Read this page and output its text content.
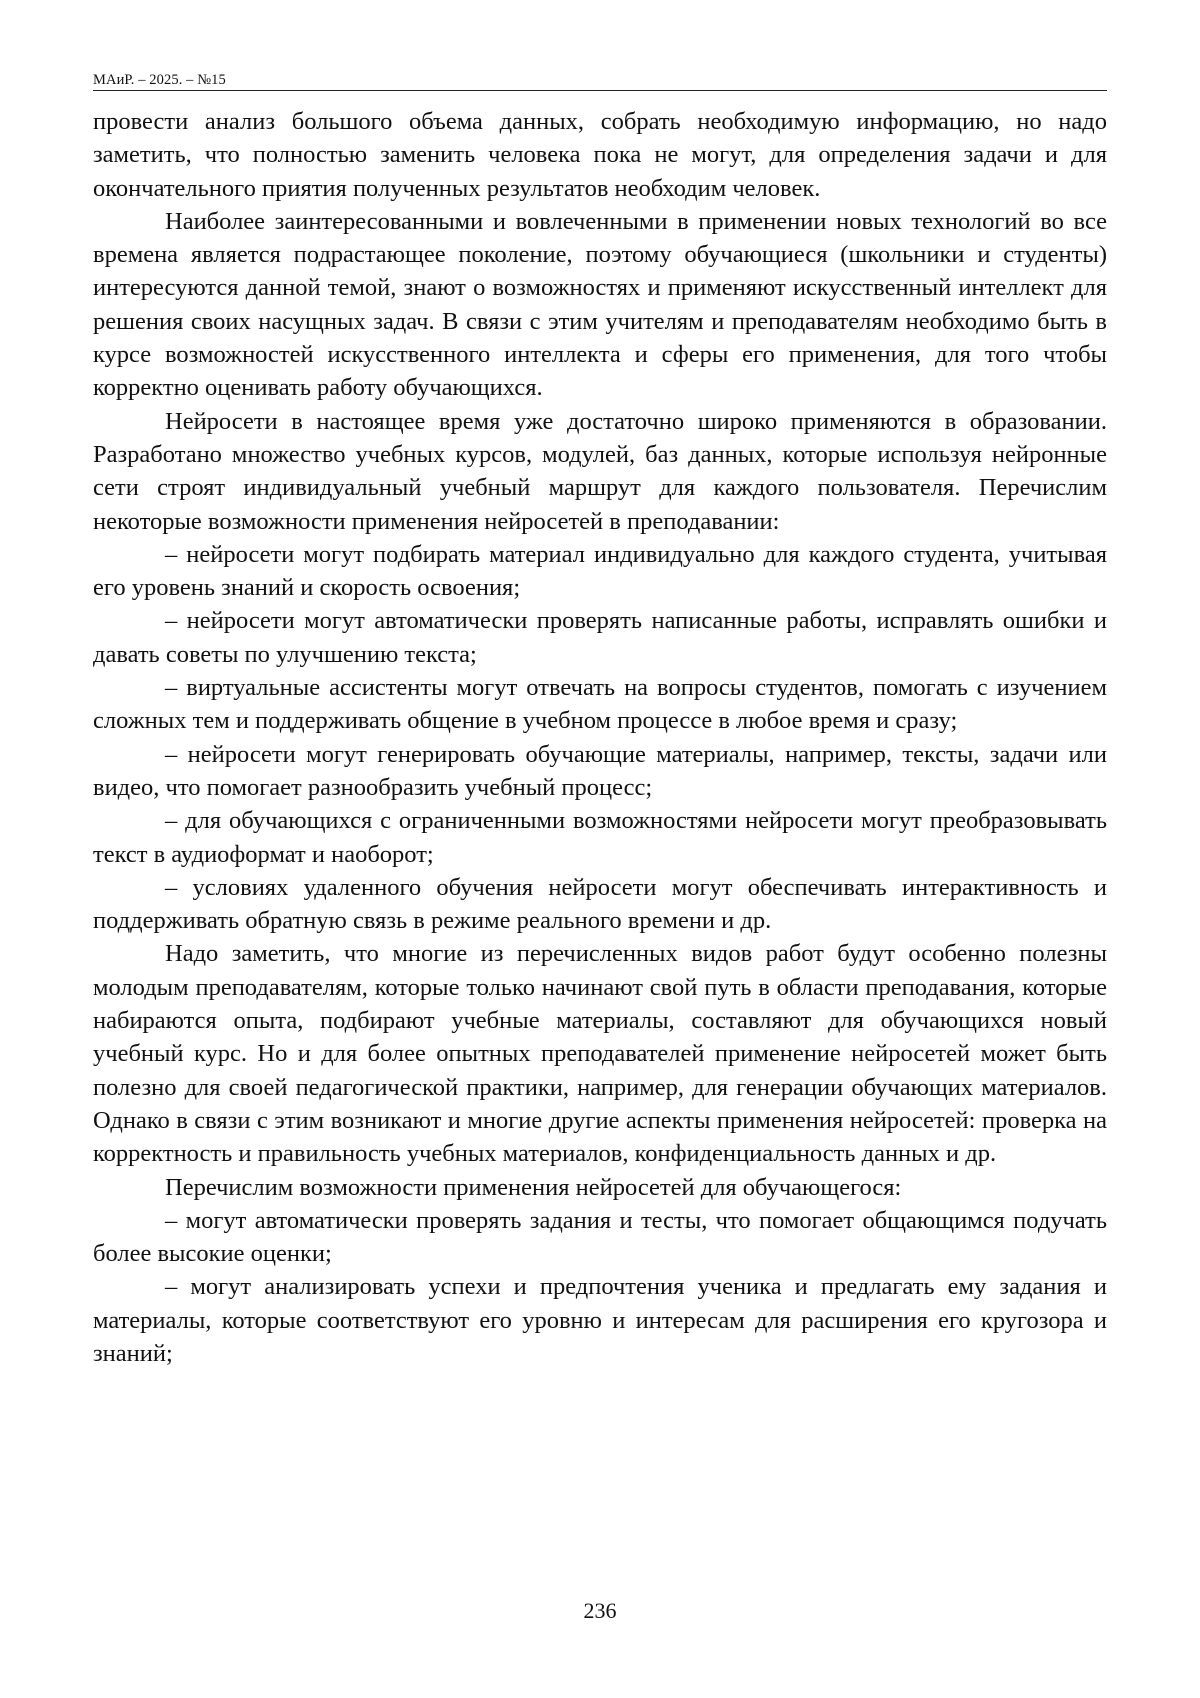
МАиР. – 2025. – №15

провести анализ большого объема данных, собрать необходимую информацию, но надо заметить, что полностью заменить человека пока не могут, для определения задачи и для окончательного приятия полученных результатов необходим человек.

Наиболее заинтересованными и вовлеченными в применении новых технологий во все времена является подрастающее поколение, поэтому обучающиеся (школьники и студенты) интересуются данной темой, знают о возможностях и применяют искусственный интеллект для решения своих насущных задач. В связи с этим учителям и преподавателям необходимо быть в курсе возможностей искусственного интеллекта и сферы его применения, для того чтобы корректно оценивать работу обучающихся.

Нейросети в настоящее время уже достаточно широко применяются в образовании. Разработано множество учебных курсов, модулей, баз данных, которые используя нейронные сети строят индивидуальный учебный маршрут для каждого пользователя. Перечислим некоторые возможности применения нейросетей в преподавании:

– нейросети могут подбирать материал индивидуально для каждого студента, учитывая его уровень знаний и скорость освоения;

– нейросети могут автоматически проверять написанные работы, исправлять ошибки и давать советы по улучшению текста;

– виртуальные ассистенты могут отвечать на вопросы студентов, помогать с изучением сложных тем и поддерживать общение в учебном процессе в любое время и сразу;

– нейросети могут генерировать обучающие материалы, например, тексты, задачи или видео, что помогает разнообразить учебный процесс;

– для обучающихся с ограниченными возможностями нейросети могут преобразовывать текст в аудиоформат и наоборот;

– условиях удаленного обучения нейросети могут обеспечивать интерактивность и поддерживать обратную связь в режиме реального времени и др.

Надо заметить, что многие из перечисленных видов работ будут особенно полезны молодым преподавателям, которые только начинают свой путь в области преподавания, которые набираются опыта, подбирают учебные материалы, составляют для обучающихся новый учебный курс. Но и для более опытных преподавателей применение нейросетей может быть полезно для своей педагогической практики, например, для генерации обучающих материалов. Однако в связи с этим возникают и многие другие аспекты применения нейросетей: проверка на корректность и правильность учебных материалов, конфиденциальность данных и др.

Перечислим возможности применения нейросетей для обучающегося:

– могут автоматически проверять задания и тесты, что помогает общающимся подучать более высокие оценки;

– могут анализировать успехи и предпочтения ученика и предлагать ему задания и материалы, которые соответствуют его уровню и интересам для расширения его кругозора и знаний;

236
